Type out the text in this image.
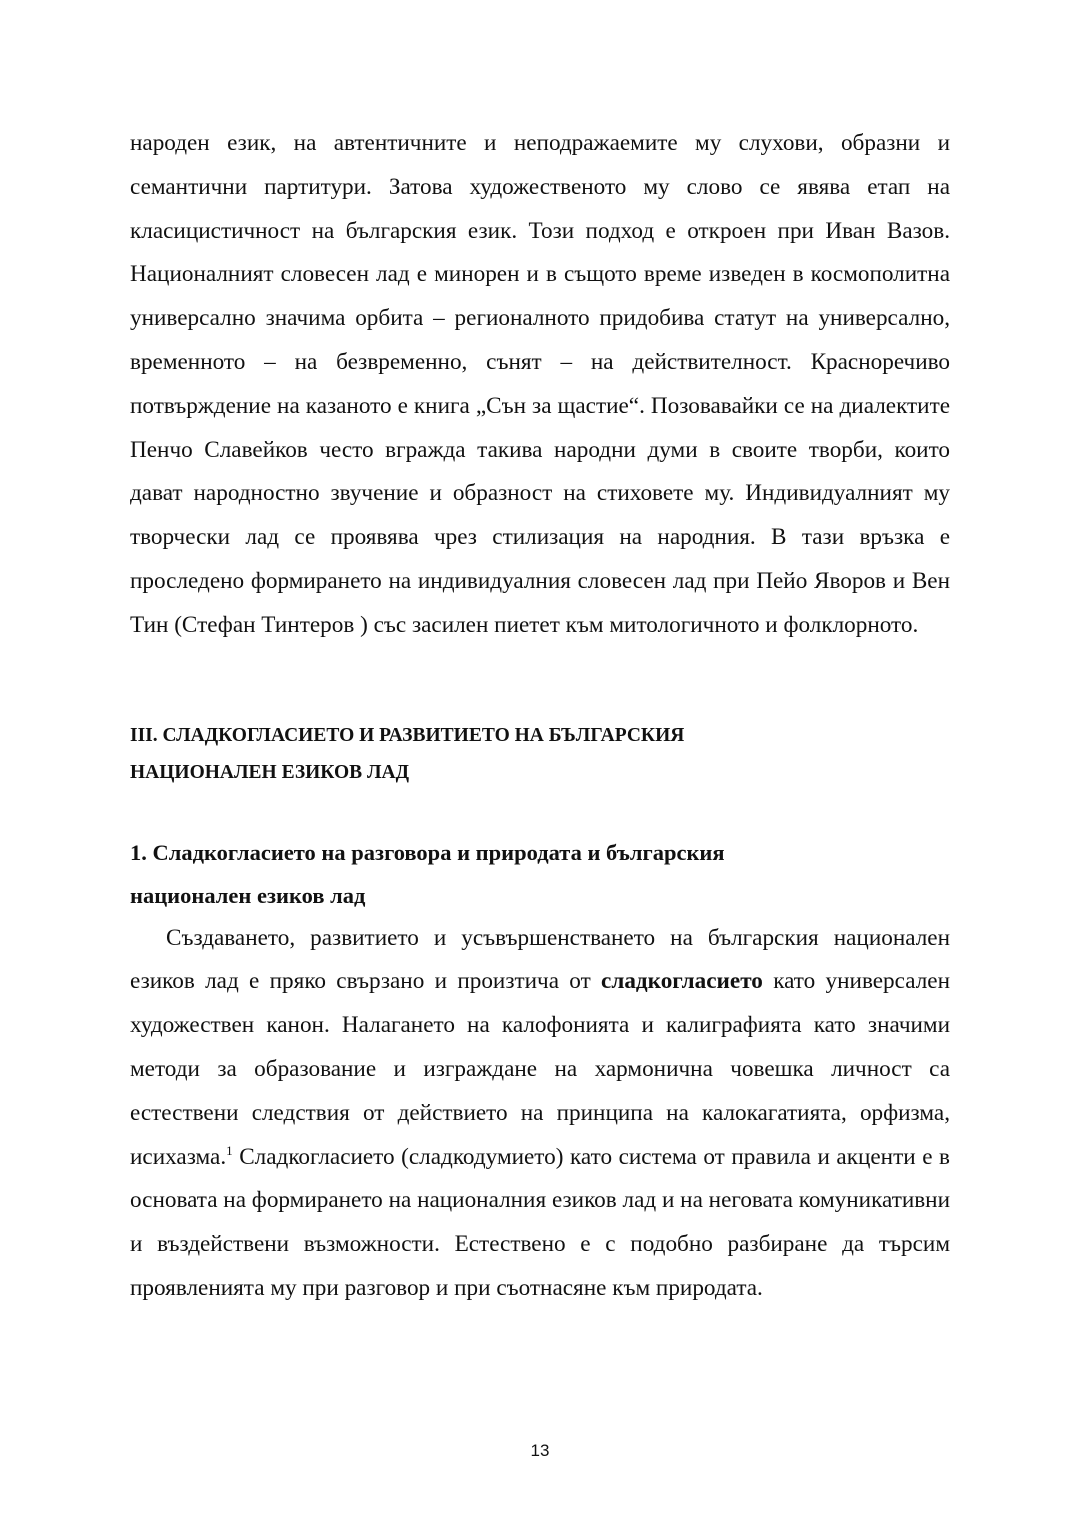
народен език, на автентичните и неподражаемите му слухови, образни и семантични партитури. Затова художественото му слово се явява етап на класицистичност на българския език. Този подход е откроен при Иван Вазов. Националният словесен лад е минорен и в същото време изведен в космополитна универсално значима орбита – регионалното придобива статут на универсално, временното – на безвременно, сънят – на действителност. Красноречиво потвърждение на казаното е книга „Сън за щастие“. Позовавайки се на диалектите Пенчо Славейков често вгражда такива народни думи в своите творби, които дават народностно звучение и образност на стиховете му. Индивидуалният му творчески лад се проявява чрез стилизация на народния. В тази връзка е проследено формирането на индивидуалния словесен лад при Пейо Яворов и Вен Тин (Стефан Тинтеров ) със засилен пиетет към митологичното и фолклорното.

III. СЛАДКОГЛАСИЕТО И РАЗВИТИЕТО НА БЪЛГАРСКИЯ
НАЦИОНАЛЕН ЕЗИКОВ ЛАД
1. Сладкогласието на разговора и природата и българския
национален езиков лад

Създаването, развитието и усъвършенстването на българския национален езиков лад е пряко свързано и произтича от сладкогласието като универсален художествен канон. Налагането на калофонията и калиграфията като значими методи за образование и изграждане на хармонична човешка личност са естествени следствия от действието на принципа на калокагатията, орфизма, исихазма.$^1$ Сладкогласието (сладкодумието) като система от правила и акценти е в основата на формирането на националния езиков лад и на неговата комуникативни и въздействени възможности. Естествено е с подобно разбиране да търсим проявленията му при разговор и при съотнасяне към природата.

13
